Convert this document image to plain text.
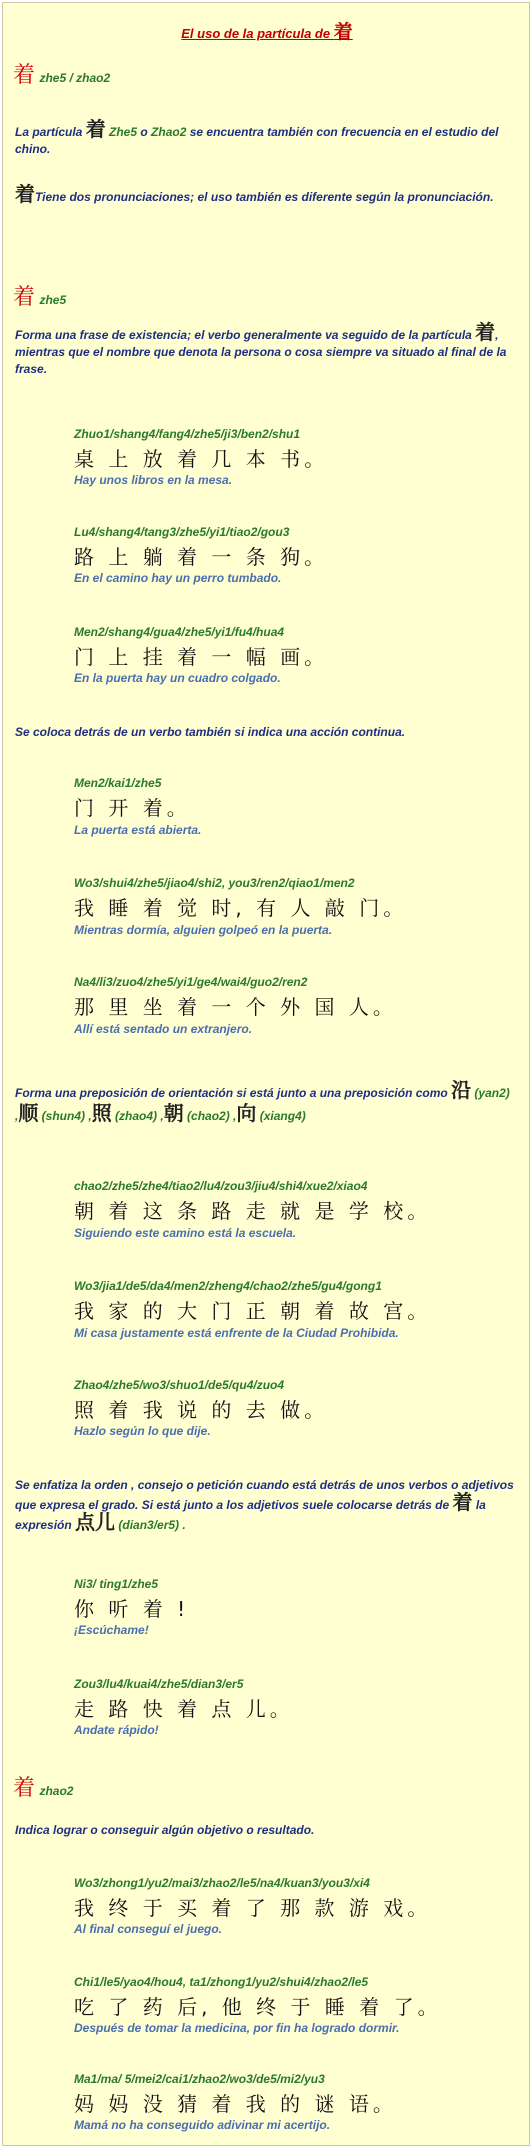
El uso de la partícula de 着
着 zhe5 / zhao2
La partícula 着 Zhe5 o Zhao2 se encuentra también con frecuencia en el estudio del chino.
着Tiene dos pronunciaciones; el uso también es diferente según la pronunciación.
着 zhe5
Forma una frase de existencia; el verbo generalmente va seguido de la partícula 着, mientras que el nombre que denota la persona o cosa siempre va situado al final de la frase.
Zhuo1/shang4/fang4/zhe5/ji3/ben2/shu1
桌 上 放 着 几 本 书。
Hay unos libros en la mesa.
Lu4/shang4/tang3/zhe5/yi1/tiao2/gou3
路 上 躺 着 一 条 狗。
En el camino hay un perro tumbado.
Men2/shang4/gua4/zhe5/yi1/fu4/hua4
门 上 挂 着 一 幅 画。
En la puerta hay un cuadro colgado.
Se coloca detrás de un verbo también si indica una acción continua.
Men2/kai1/zhe5
门 开 着。
La puerta está abierta.
Wo3/shui4/zhe5/jiao4/shi2, you3/ren2/qiao1/men2
我 睡 着 觉 时, 有 人 敲 门。
Mientras dormía, alguien golpeó en la puerta.
Na4/li3/zuo4/zhe5/yi1/ge4/wai4/guo2/ren2
那 里 坐 着 一 个 外 国 人。
Allí está sentado un extranjero.
Forma una preposición de orientación si está junto a una preposición como 沿 (yan2) ,顺 (shun4) ,照 (zhao4) ,朝 (chao2) ,向 (xiang4)
chao2/zhe5/zhe4/tiao2/lu4/zou3/jiu4/shi4/xue2/xiao4
朝 着 这 条 路 走 就 是 学 校。
Siguiendo este camino está la escuela.
Wo3/jia1/de5/da4/men2/zheng4/chao2/zhe5/gu4/gong1
我 家 的 大 门 正 朝 着 故 宫。
Mi casa justamente está enfrente de la Ciudad Prohibida.
Zhao4/zhe5/wo3/shuo1/de5/qu4/zuo4
照 着 我 说 的 去 做。
Hazlo según lo que dije.
Se enfatiza la orden , consejo o petición cuando está detrás de unos verbos o adjetivos que expresa el grado. Si está junto a los adjetivos suele colocarse detrás de 着 la expresión 点儿 (dian3/er5) .
Ni3/ ting1/zhe5
你 听 着 !
¡Escúchame!
Zou3/lu4/kuai4/zhe5/dian3/er5
走 路 快 着 点 儿。
Andate rápido!
着 zhao2
Indica lograr o conseguir algún objetivo o resultado.
Wo3/zhong1/yu2/mai3/zhao2/le5/na4/kuan3/you3/xi4
我 终 于 买 着 了 那 款 游 戏。
Al final conseguí el juego.
Chi1/le5/yao4/hou4, ta1/zhong1/yu2/shui4/zhao2/le5
吃 了 药 后, 他 终 于 睡 着 了。
Después de tomar la medicina, por fin ha logrado dormir.
Ma1/ma/ 5/mei2/cai1/zhao2/wo3/de5/mi2/yu3
妈 妈 没 猜 着 我 的 谜 语。
Mamá no ha conseguido adivinar mi acertijo.
